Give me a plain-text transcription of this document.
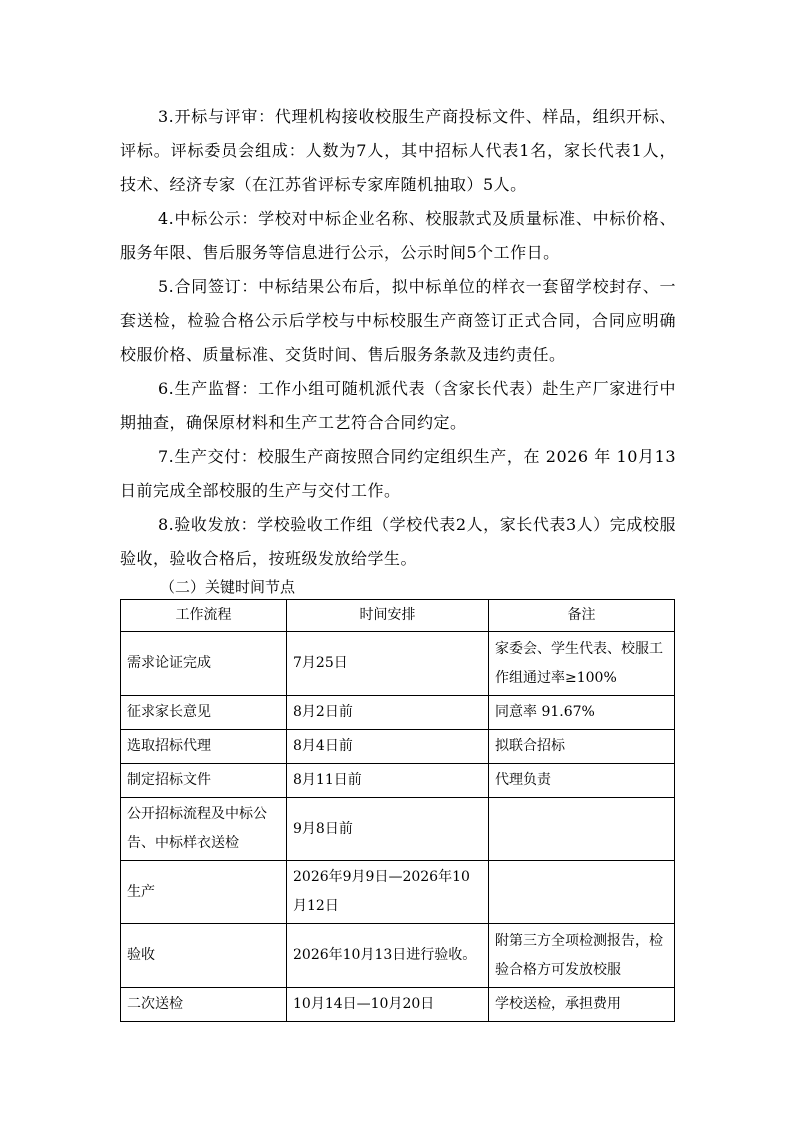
3.开标与评审：代理机构接收校服生产商投标文件、样品，组织开标、评标。评标委员会组成：人数为7人，其中招标人代表1名，家长代表1人，技术、经济专家（在江苏省评标专家库随机抽取）5人。

4.中标公示：学校对中标企业名称、校服款式及质量标准、中标价格、服务年限、售后服务等信息进行公示，公示时间5个工作日。

5.合同签订：中标结果公布后，拟中标单位的样衣一套留学校封存、一套送检，检验合格公示后学校与中标校服生产商签订正式合同，合同应明确校服价格、质量标准、交货时间、售后服务条款及违约责任。

6.生产监督：工作小组可随机派代表（含家长代表）赴生产厂家进行中期抽查，确保原材料和生产工艺符合合同约定。

7.生产交付：校服生产商按照合同约定组织生产，在 2026 年 10月13日前完成全部校服的生产与交付工作。

8.验收发放：学校验收工作组（学校代表2人，家长代表3人）完成校服验收，验收合格后，按班级发放给学生。

（二）关键时间节点

工作流程	时间安排	备注
需求论证完成	7月25日	家委会、学生代表、校服工作组通过率≥100%
征求家长意见	8月2日前	同意率 91.67%
选取招标代理	8月4日前	拟联合招标
制定招标文件	8月11日前	代理负责
公开招标流程及中标公告、中标样衣送检	9月8日前	
生产	2026年9月9日—2026年10月12日	
验收	2026年10月13日进行验收。	附第三方全项检测报告，检验合格方可发放校服
二次送检	10月14日—10月20日	学校送检，承担费用
